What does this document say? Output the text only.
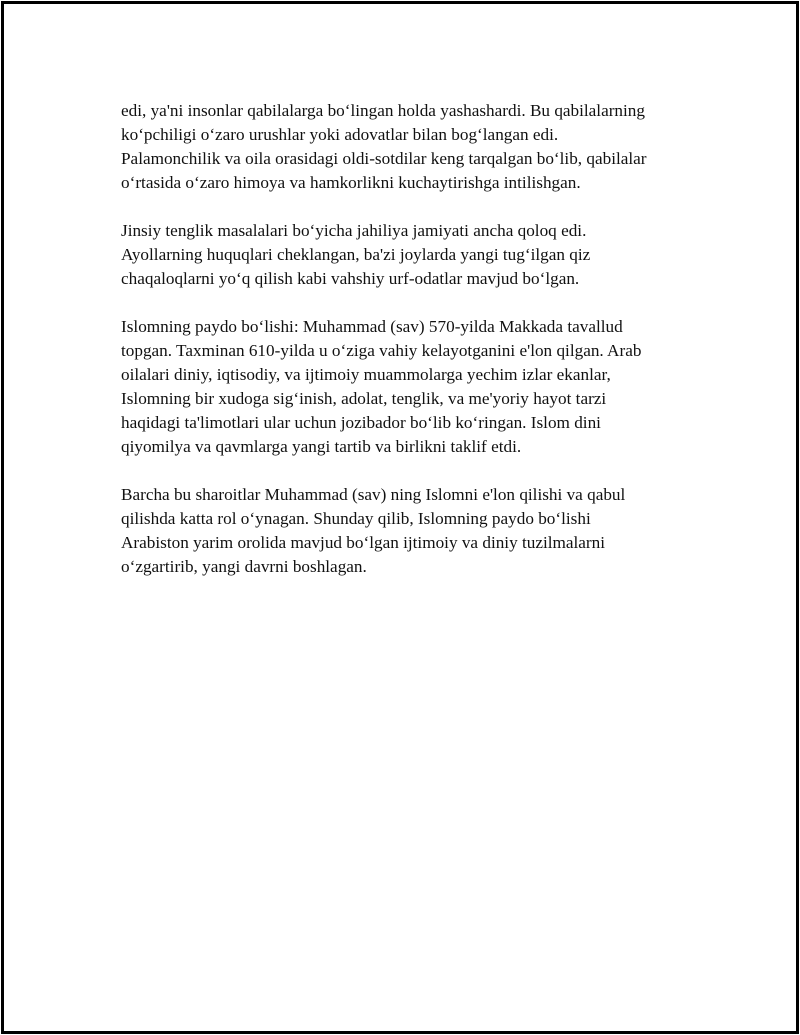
edi, ya'ni insonlar qabilalarga bo‘lingan holda yashashardi. Bu qabilalarning
ko‘pchiligi o‘zaro urushlar yoki adovatlar bilan bog‘langan edi.
Palamonchilik va oila orasidagi oldi-sotdilar keng tarqalgan bo‘lib, qabilalar
o‘rtasida o‘zaro himoya va hamkorlikni kuchaytirishga intilishgan.

Jinsiy tenglik masalalari bo‘yicha jahiliya jamiyati ancha qoloq edi.
Ayollarning huquqlari cheklangan, ba'zi joylarda yangi tug‘ilgan qiz
chaqaloqlarni yo‘q qilish kabi vahshiy urf-odatlar mavjud bo‘lgan.

Islomning paydo bo‘lishi: Muhammad (sav) 570-yilda Makkada tavallud
topgan. Taxminan 610-yilda u o‘ziga vahiy kelayotganini e'lon qilgan. Arab
oilalari diniy, iqtisodiy, va ijtimoiy muammolarga yechim izlar ekanlar,
Islomning bir xudoga sig‘inish, adolat, tenglik, va me'yoriy hayot tarzi
haqidagi ta'limotlari ular uchun jozibador bo‘lib ko‘ringan. Islom dini
qiyomilya va qavmlarga yangi tartib va birlikni taklif etdi.

Barcha bu sharoitlar Muhammad (sav) ning Islomni e'lon qilishi va qabul
qilishda katta rol o‘ynagan. Shunday qilib, Islomning paydo bo‘lishi
Arabiston yarim orolida mavjud bo‘lgan ijtimoiy va diniy tuzilmalarni
o‘zgartirib, yangi davrni boshlagan.
